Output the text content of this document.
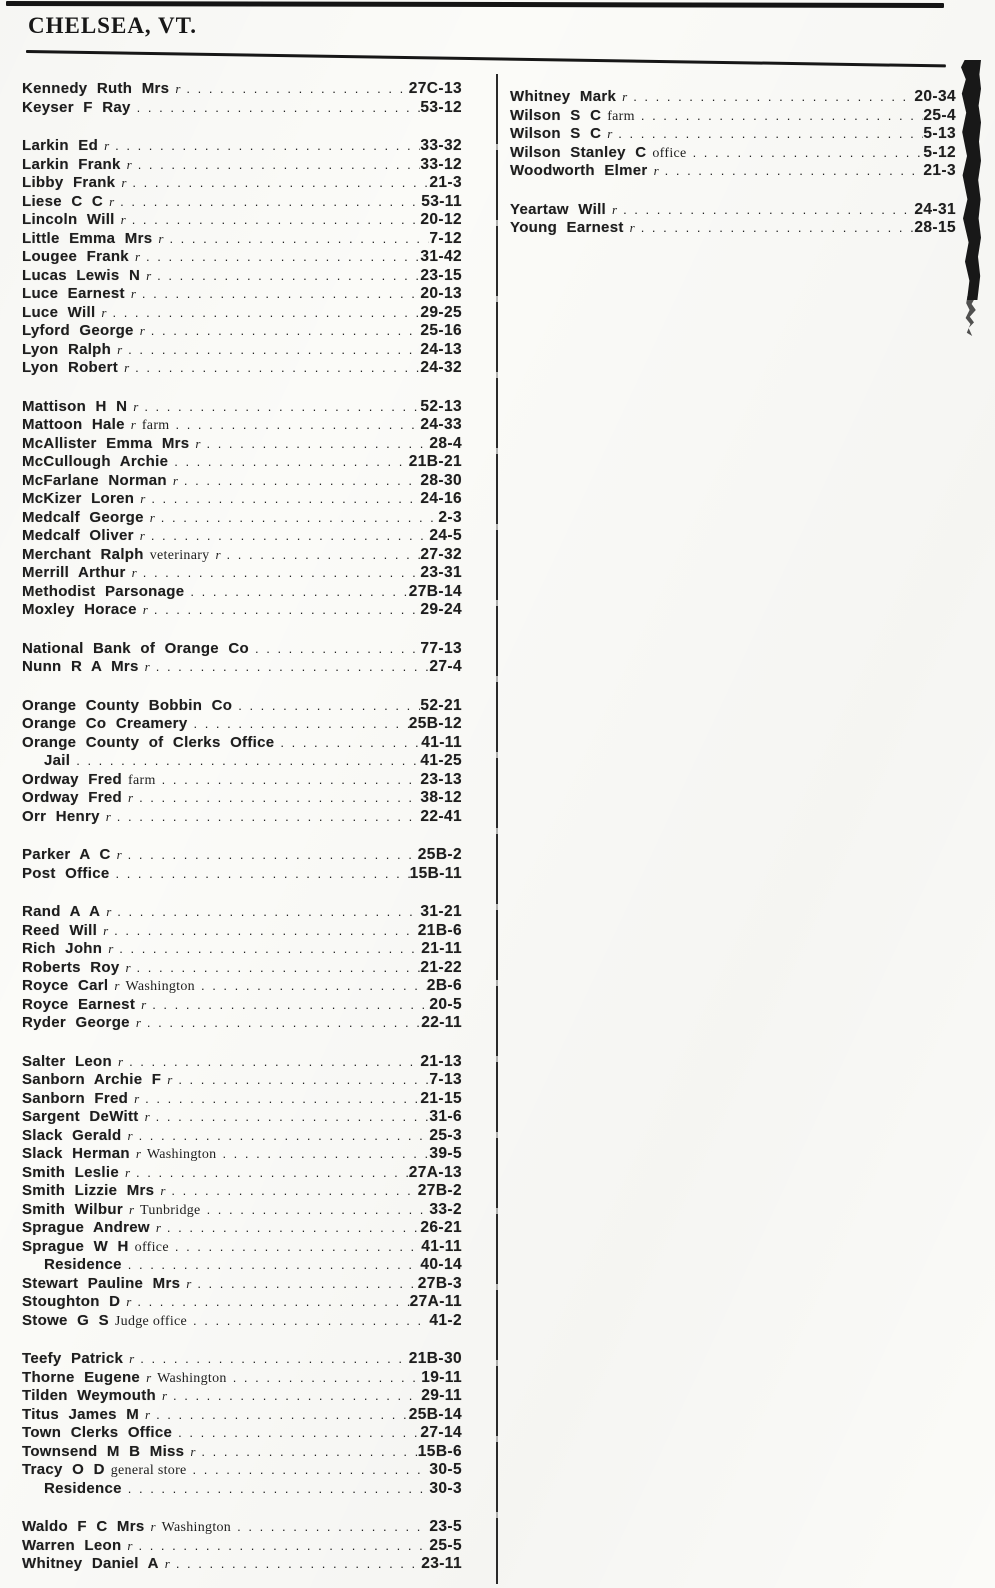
CHELSEA, VT.
Kennedy Ruth Mrs r . . .	27C-13
Keyser F Ray . . .	53-12
Larkin Ed r . . .	33-32
Larkin Frank r . . .	33-12
Libby Frank r . . .	21-3
Liese C C r . . .	53-11
Lincoln Will r . . .	20-12
Little Emma Mrs r . . .	7-12
Lougee Frank r . . .	31-42
Lucas Lewis N r . . .	23-15
Luce Earnest r . . .	20-13
Luce Will r . . .	29-25
Lyford George r . . .	25-16
Lyon Ralph r . . .	24-13
Lyon Robert r . . .	24-32
Mattison H N r . . .	52-13
Mattoon Hale r farm . . .	24-33
McAllister Emma Mrs r . . .	28-4
McCullough Archie . . .	21B-21
McFarlane Norman r . . .	28-30
McKizer Loren r . . .	24-16
Medcalf George r . . .	2-3
Medcalf Oliver r . . .	24-5
Merchant Ralph veterinary r . . .	27-32
Merrill Arthur r . . .	23-31
Methodist Parsonage . . .	27B-14
Moxley Horace r . . .	29-24
National Bank of Orange Co . . .	77-13
Nunn R A Mrs r . . .	27-4
Orange County Bobbin Co . . .	52-21
Orange Co Creamery . . .	25B-12
Orange County of Clerks Office . . .	41-11
Jail . . .	41-25
Ordway Fred farm . . .	23-13
Ordway Fred r . . .	38-12
Orr Henry r . . .	22-41
Parker A C r . . .	25B-2
Post Office . . .	15B-11
Rand A A r . . .	31-21
Reed Will r . . .	21B-6
Rich John r . . .	21-11
Roberts Roy r . . .	21-22
Royce Carl r Washington . . .	2B-6
Royce Earnest r . . .	20-5
Ryder George r . . .	22-11
Salter Leon r . . .	21-13
Sanborn Archie F r . . .	7-13
Sanborn Fred r . . .	21-15
Sargent DeWitt r . . .	31-6
Slack Gerald r . . .	25-3
Slack Herman r Washington . . .	39-5
Smith Leslie r . . .	27A-13
Smith Lizzie Mrs r . . .	27B-2
Smith Wilbur r Tunbridge . . .	33-2
Sprague Andrew r . . .	26-21
Sprague W H office . . .	41-11
Residence . . .	40-14
Stewart Pauline Mrs r . . .	27B-3
Stoughton D r . . .	27A-11
Stowe G S Judge office . . .	41-2
Teefy Patrick r . . .	21B-30
Thorne Eugene r Washington . . .	19-11
Tilden Weymouth r . . .	29-11
Titus James M r . . .	25B-14
Town Clerks Office . . .	27-14
Townsend M B Miss r . . .	15B-6
Tracy O D general store . . .	30-5
Residence . . .	30-3
Waldo F C Mrs r Washington . . .	23-5
Warren Leon r . . .	25-5
Whitney Daniel A r . . .	23-11
Whitney Mark r . . .	20-34
Wilson S C farm . . .	25-4
Wilson S C r . . .	5-13
Wilson Stanley C office . . .	5-12
Woodworth Elmer r . . .	21-3
Yeartaw Will r . . .	24-31
Young Earnest r . . .	28-15
